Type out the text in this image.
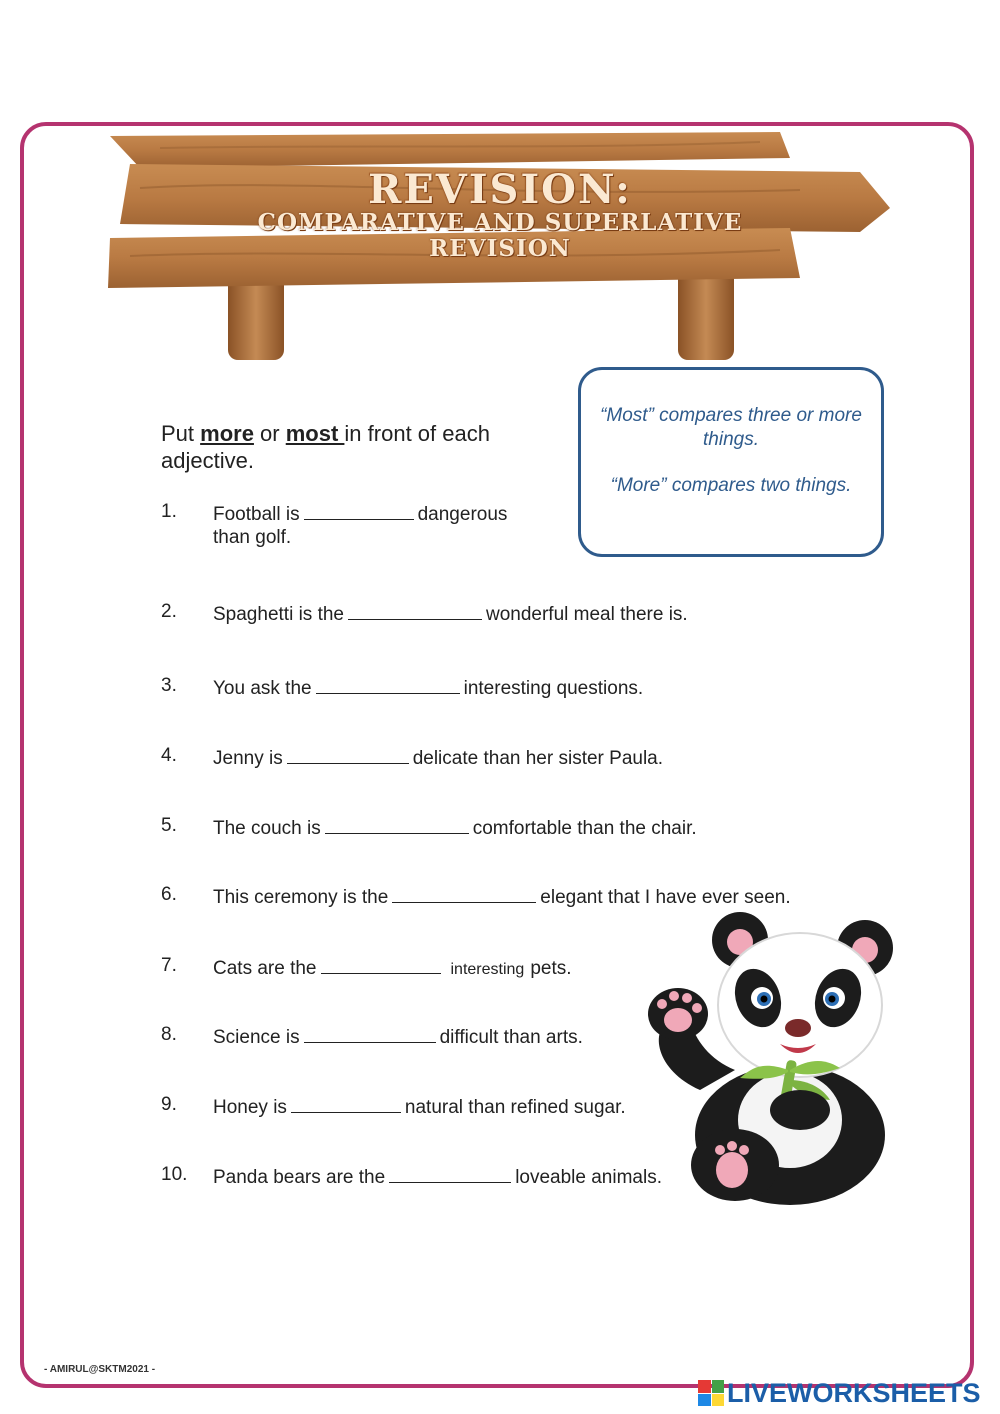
REVISION:
COMPARATIVE AND SUPERLATIVE
REVISION
“Most” compares three or more things.
“More” compares two things.
Put more or most in front of each adjective.
1.	Football is	dangerous
than golf.
2.	Spaghetti is the	wonderful meal there is.
3.	You ask the	interesting questions.
4.	Jenny is	delicate than her sister Paula.
5.	The couch is	comfortable than the chair.
6.	This ceremony is the	elegant that I have ever seen.
7.	Cats are the	interesting pets.
8.	Science is	difficult than arts.
9.	Honey is	natural than refined sugar.
10.	Panda bears are the	loveable animals.
- AMIRUL@SKTM2021 -
LIVEWORKSHEETS
